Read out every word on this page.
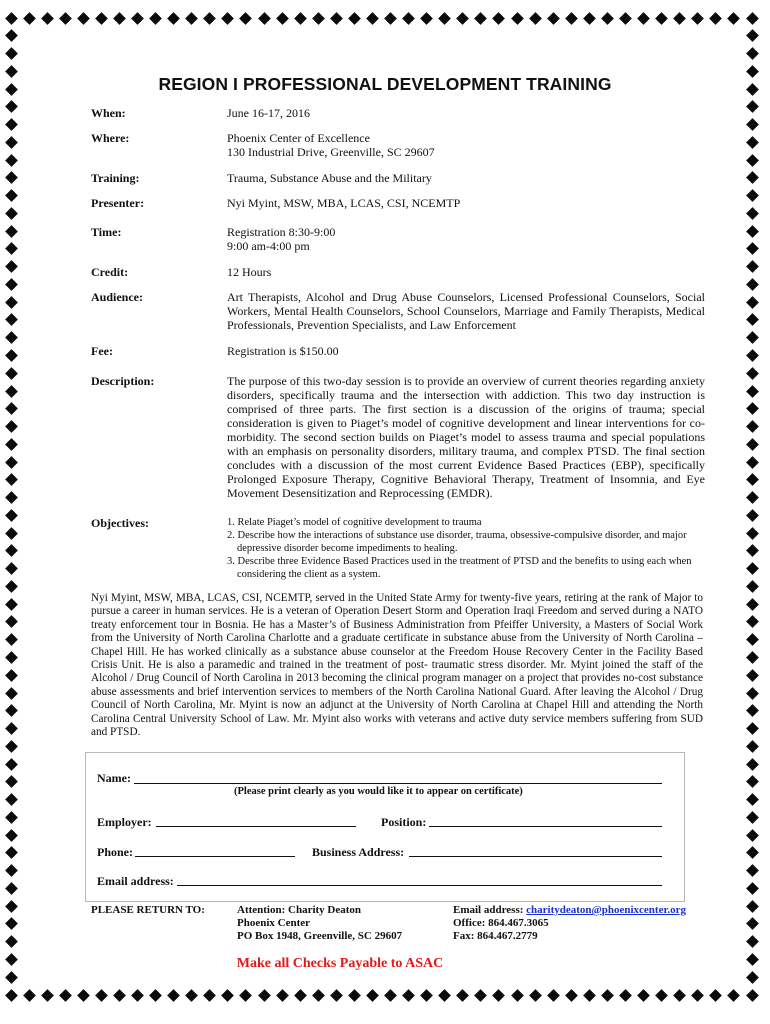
REGION I PROFESSIONAL DEVELOPMENT TRAINING
When:	June 16-17, 2016
Where:	Phoenix Center of Excellence
130 Industrial Drive, Greenville, SC 29607
Training:	Trauma, Substance Abuse and the Military
Presenter:	Nyi Myint, MSW, MBA, LCAS, CSI, NCEMTP
Time:	Registration 8:30-9:00
9:00 am-4:00 pm
Credit:	12 Hours
Audience:	Art Therapists, Alcohol and Drug Abuse Counselors, Licensed Professional Counselors, Social Workers, Mental Health Counselors, School Counselors, Marriage and Family Therapists, Medical Professionals, Prevention Specialists, and Law Enforcement

Fee:	Registration is $150.00
Description:	The purpose of this two-day session is to provide an overview of current theories regarding anxiety disorders, specifically trauma and the intersection with addiction. This two day instruction is comprised of three parts. The first section is a discussion of the origins of trauma; special consideration is given to Piaget’s model of cognitive development and linear interventions for co-morbidity. The second section builds on Piaget’s model to assess trauma and special populations with an emphasis on personality disorders, military trauma, and complex PTSD. The final section concludes with a discussion of the most current Evidence Based Practices (EBP), specifically Prolonged Exposure Therapy, Cognitive Behavioral Therapy, Treatment of Insomnia, and Eye Movement Desensitization and Reprocessing (EMDR).

Objectives:	1. Relate Piaget’s model of cognitive development to trauma
2. Describe how the interactions of substance use disorder, trauma, obsessive-compulsive disorder, and major depressive disorder become impediments to healing.
3. Describe three Evidence Based Practices used in the treatment of PTSD and the benefits to using each when considering the client as a system.

Nyi Myint, MSW, MBA, LCAS, CSI, NCEMTP, served in the United State Army for twenty-five years, retiring at the rank of Major to pursue a career in human services. He is a veteran of Operation Desert Storm and Operation Iraqi Freedom and served during a NATO treaty enforcement tour in Bosnia. He has a Master’s of Business Administration from Pfeiffer University, a Masters of Social Work from the University of North Carolina Charlotte and a graduate certificate in substance abuse from the University of North Carolina – Chapel Hill. He has worked clinically as a substance abuse counselor at the Freedom House Recovery Center in the Facility Based Crisis Unit. He is also a paramedic and trained in the treatment of post- traumatic stress disorder. Mr. Myint joined the staff of the Alcohol / Drug Council of North Carolina in 2013 becoming the clinical program manager on a project that provides no-cost substance abuse assessments and brief intervention services to members of the North Carolina National Guard. After leaving the Alcohol / Drug Council of North Carolina, Mr. Myint is now an adjunct at the University of North Carolina at Chapel Hill and attending the North Carolina Central University School of Law. Mr. Myint also works with veterans and active duty service members suffering from SUD and PTSD.

Name:
(Please print clearly as you would like it to appear on certificate)
Employer:	Position:
Phone:	Business Address:
Email address:
PLEASE RETURN TO:	Attention: Charity Deaton
Phoenix Center
PO Box 1948, Greenville, SC 29607
Email address: charitydeaton@phoenixcenter.org
Office: 864.467.3065
Fax: 864.467.2779
Make all Checks Payable to ASAC
